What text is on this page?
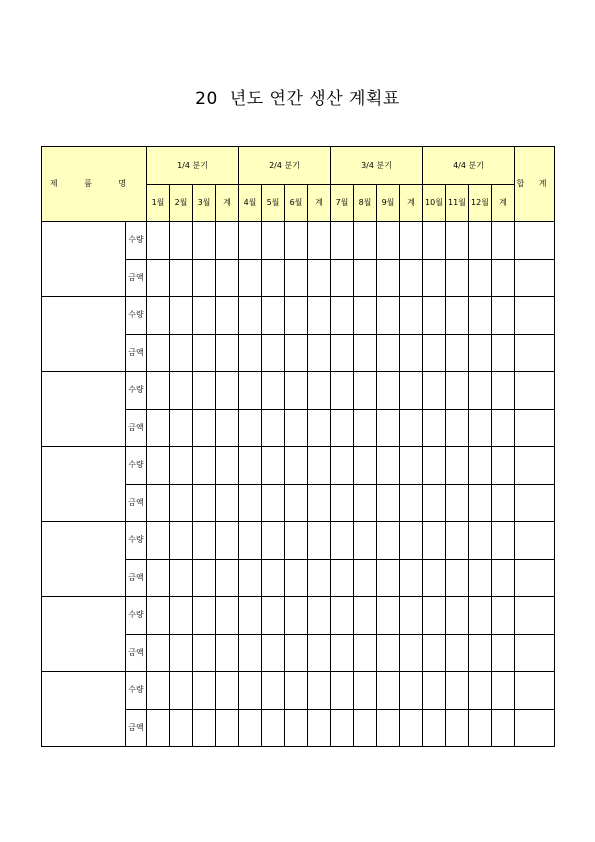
20 년도 연간 생산 계획표
제 품 명		1/4 분기				2/4 분기				3/4 분기				4/4 분기				합 계
		1월	2월	3월	계	4월	5월	6월	계	7월	8월	9월	계	10월	11월	12월	계	
	수량																	
	금액																	
	수량																	
	금액																	
	수량																	
	금액																	
	수량																	
	금액																	
	수량																	
	금액																	
	수량																	
	금액																	
	수량																	
	금액																	
